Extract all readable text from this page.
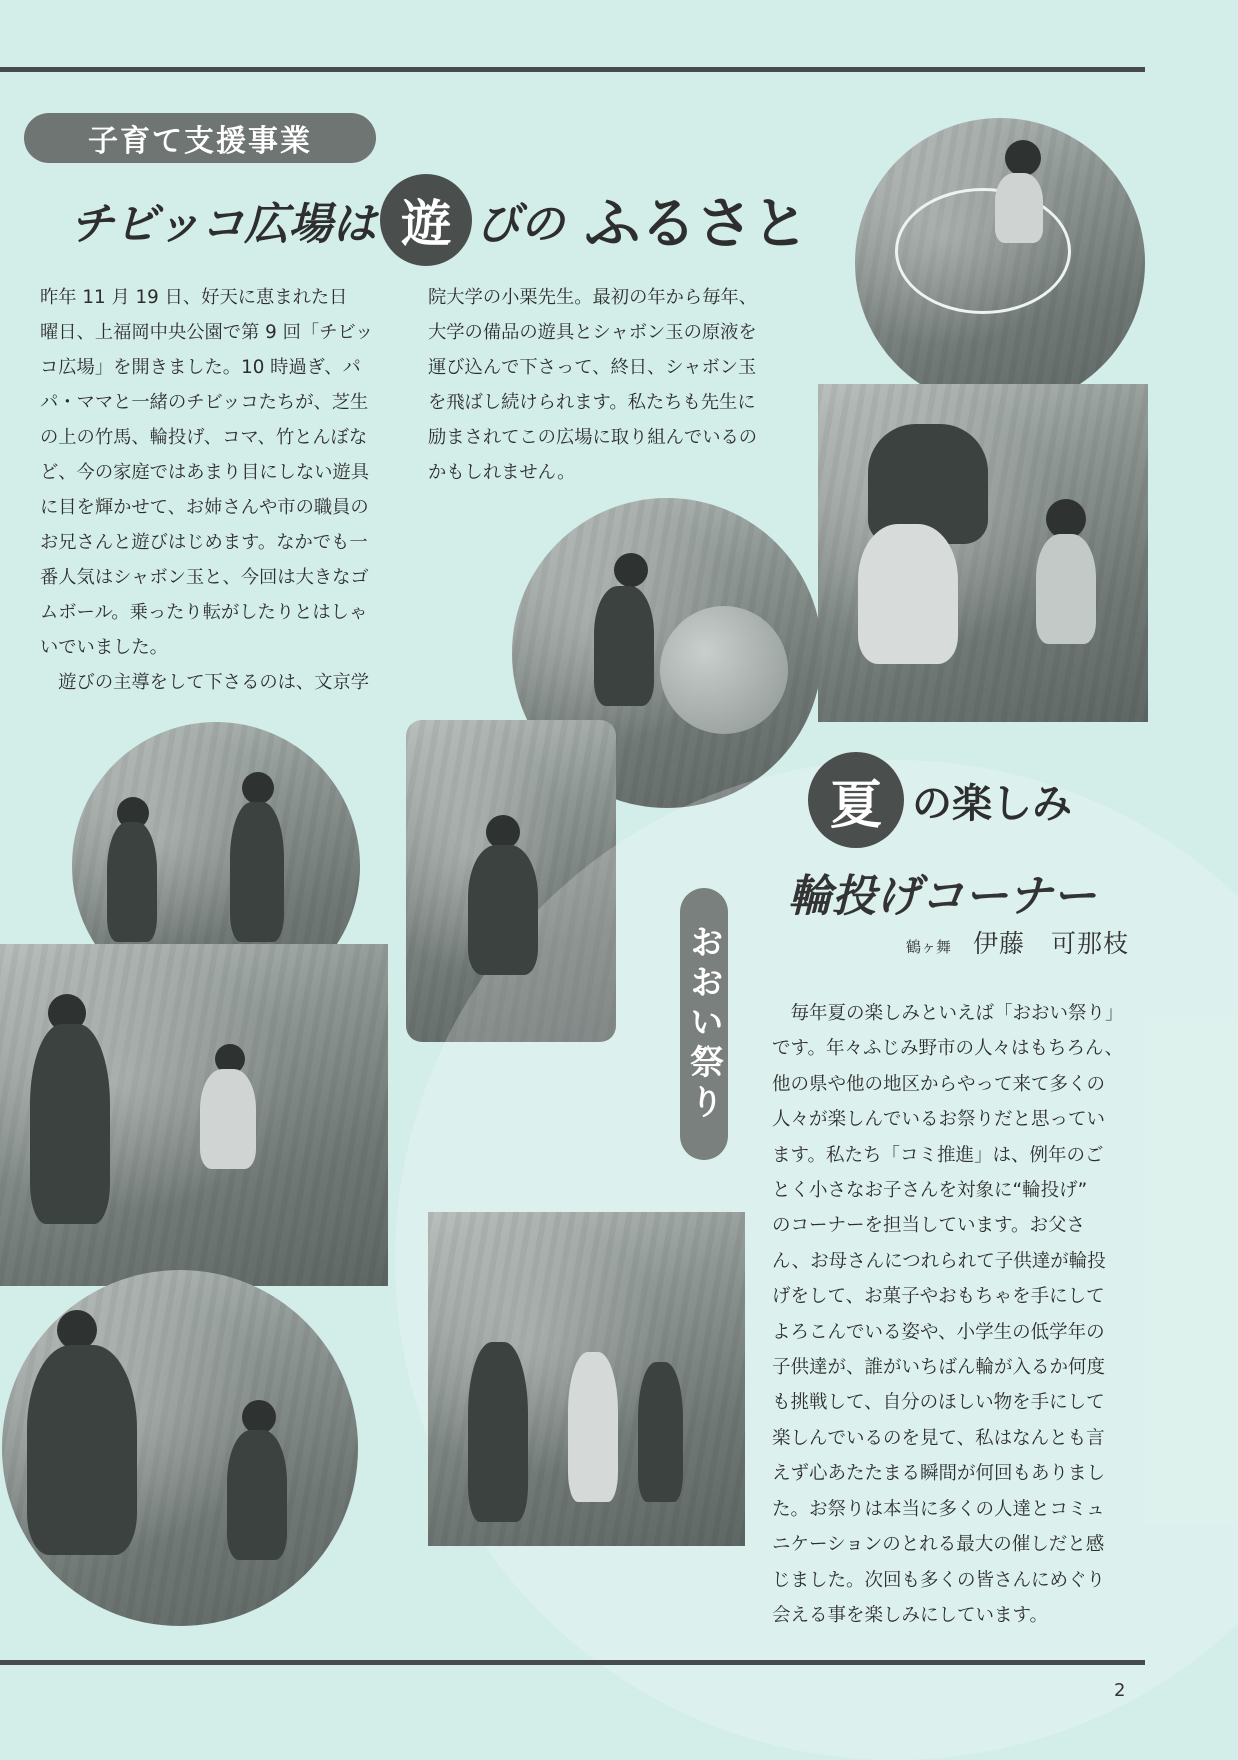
子育て支援事業
チビッコ広場は 遊 びの ふるさと
昨年 11 月 19 日、好天に恵まれた日
曜日、上福岡中央公園で第 9 回「チビッ
コ広場」を開きました。10 時過ぎ、パ
パ・ママと一緒のチビッコたちが、芝生
の上の竹馬、輪投げ、コマ、竹とんぼな
ど、今の家庭ではあまり目にしない遊具
に目を輝かせて、お姉さんや市の職員の
お兄さんと遊びはじめます。なかでも一
番人気はシャボン玉と、今回は大きなゴ
ムボール。乗ったり転がしたりとはしゃ
いでいました。
　遊びの主導をして下さるのは、文京学
院大学の小栗先生。最初の年から毎年、
大学の備品の遊具とシャボン玉の原液を
運び込んで下さって、終日、シャボン玉
を飛ばし続けられます。私たちも先生に
励まされてこの広場に取り組んでいるの
かもしれません。
おおい祭り
夏 の楽しみ
輪投げコーナー
鶴ヶ舞 伊藤　可那枝
　毎年夏の楽しみといえば「おおい祭り」
です。年々ふじみ野市の人々はもちろん、
他の県や他の地区からやって来て多くの
人々が楽しんでいるお祭りだと思ってい
ます。私たち「コミ推進」は、例年のご
とく小さなお子さんを対象に“輪投げ”
のコーナーを担当しています。お父さ
ん、お母さんにつれられて子供達が輪投
げをして、お菓子やおもちゃを手にして
よろこんでいる姿や、小学生の低学年の
子供達が、誰がいちばん輪が入るか何度
も挑戦して、自分のほしい物を手にして
楽しんでいるのを見て、私はなんとも言
えず心あたたまる瞬間が何回もありまし
た。お祭りは本当に多くの人達とコミュ
ニケーションのとれる最大の催しだと感
じました。次回も多くの皆さんにめぐり
会える事を楽しみにしています。
2
